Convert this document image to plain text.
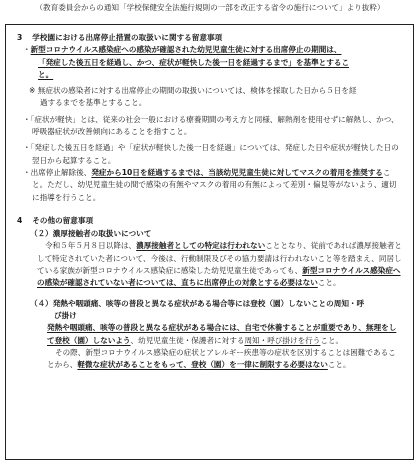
（教育委員会からの通知「学校保健安全法施行規則の一部を改正する省令の施行について」より抜粋）
3 学校園における出席停止措置の取扱いに関する留意事項
・新型コロナウイルス感染症への感染が確認された幼児児童生徒に対する出席停止の期間は、
「発症した後五日を経過し、かつ、症状が軽快した後一日を経過するまで」を基準とするこ
と。
※ 無症状の感染者に対する出席停止の期間の取扱いについては、検体を採取した日から５日を経
過するまでを基準とすること。
・「症状が軽快」とは、従来の社会一般における療養期間の考え方と同様、解熱剤を使用せずに解熱し、かつ、呼吸器症状が改善傾向にあることを指すこと。
・「発症した後五日を経過」や「症状が軽快した後一日を経過」については、発症した日や症状が軽快した日の翌日から起算すること。
・出席停止解除後、発症から10日を経過するまでは、当該幼児児童生徒に対してマスクの着用を推奨すること。ただし、幼児児童生徒の間で感染の有無やマスクの着用の有無によって差別・偏見等がないよう、適切に指導を行うこと。
4 その他の留意事項
（２）濃厚接触者の取扱いについて
令和５年５月８日以降は、濃厚接触者としての特定は行われないこととなり、従前であれば濃厚接触者として特定されていた者について、今後は、行動制限及びその協力要請は行われないこと等を踏まえ、同居している家族が新型コロナウイルス感染症に感染した幼児児童生徒であっても、新型コロナウイルス感染症への感染が確認されていない者については、直ちに出席停止の対象とする必要はないこと。
（４）発熱や咽頭痛、咳等の普段と異なる症状がある場合等には登校（園）しないことの周知・呼
び掛け
発熱や咽頭痛、咳等の普段と異なる症状がある場合には、自宅で休養することが重要であり、無理をして登校（園）しないよう、幼児児童生徒・保護者に対する周知・呼び掛けを行うこと。
その際、新型コロナウイルス感染症の症状とアレルギー疾患等の症状を区別することは困難であることから、軽微な症状があることをもって、登校（園）を一律に制限する必要はないこと。
